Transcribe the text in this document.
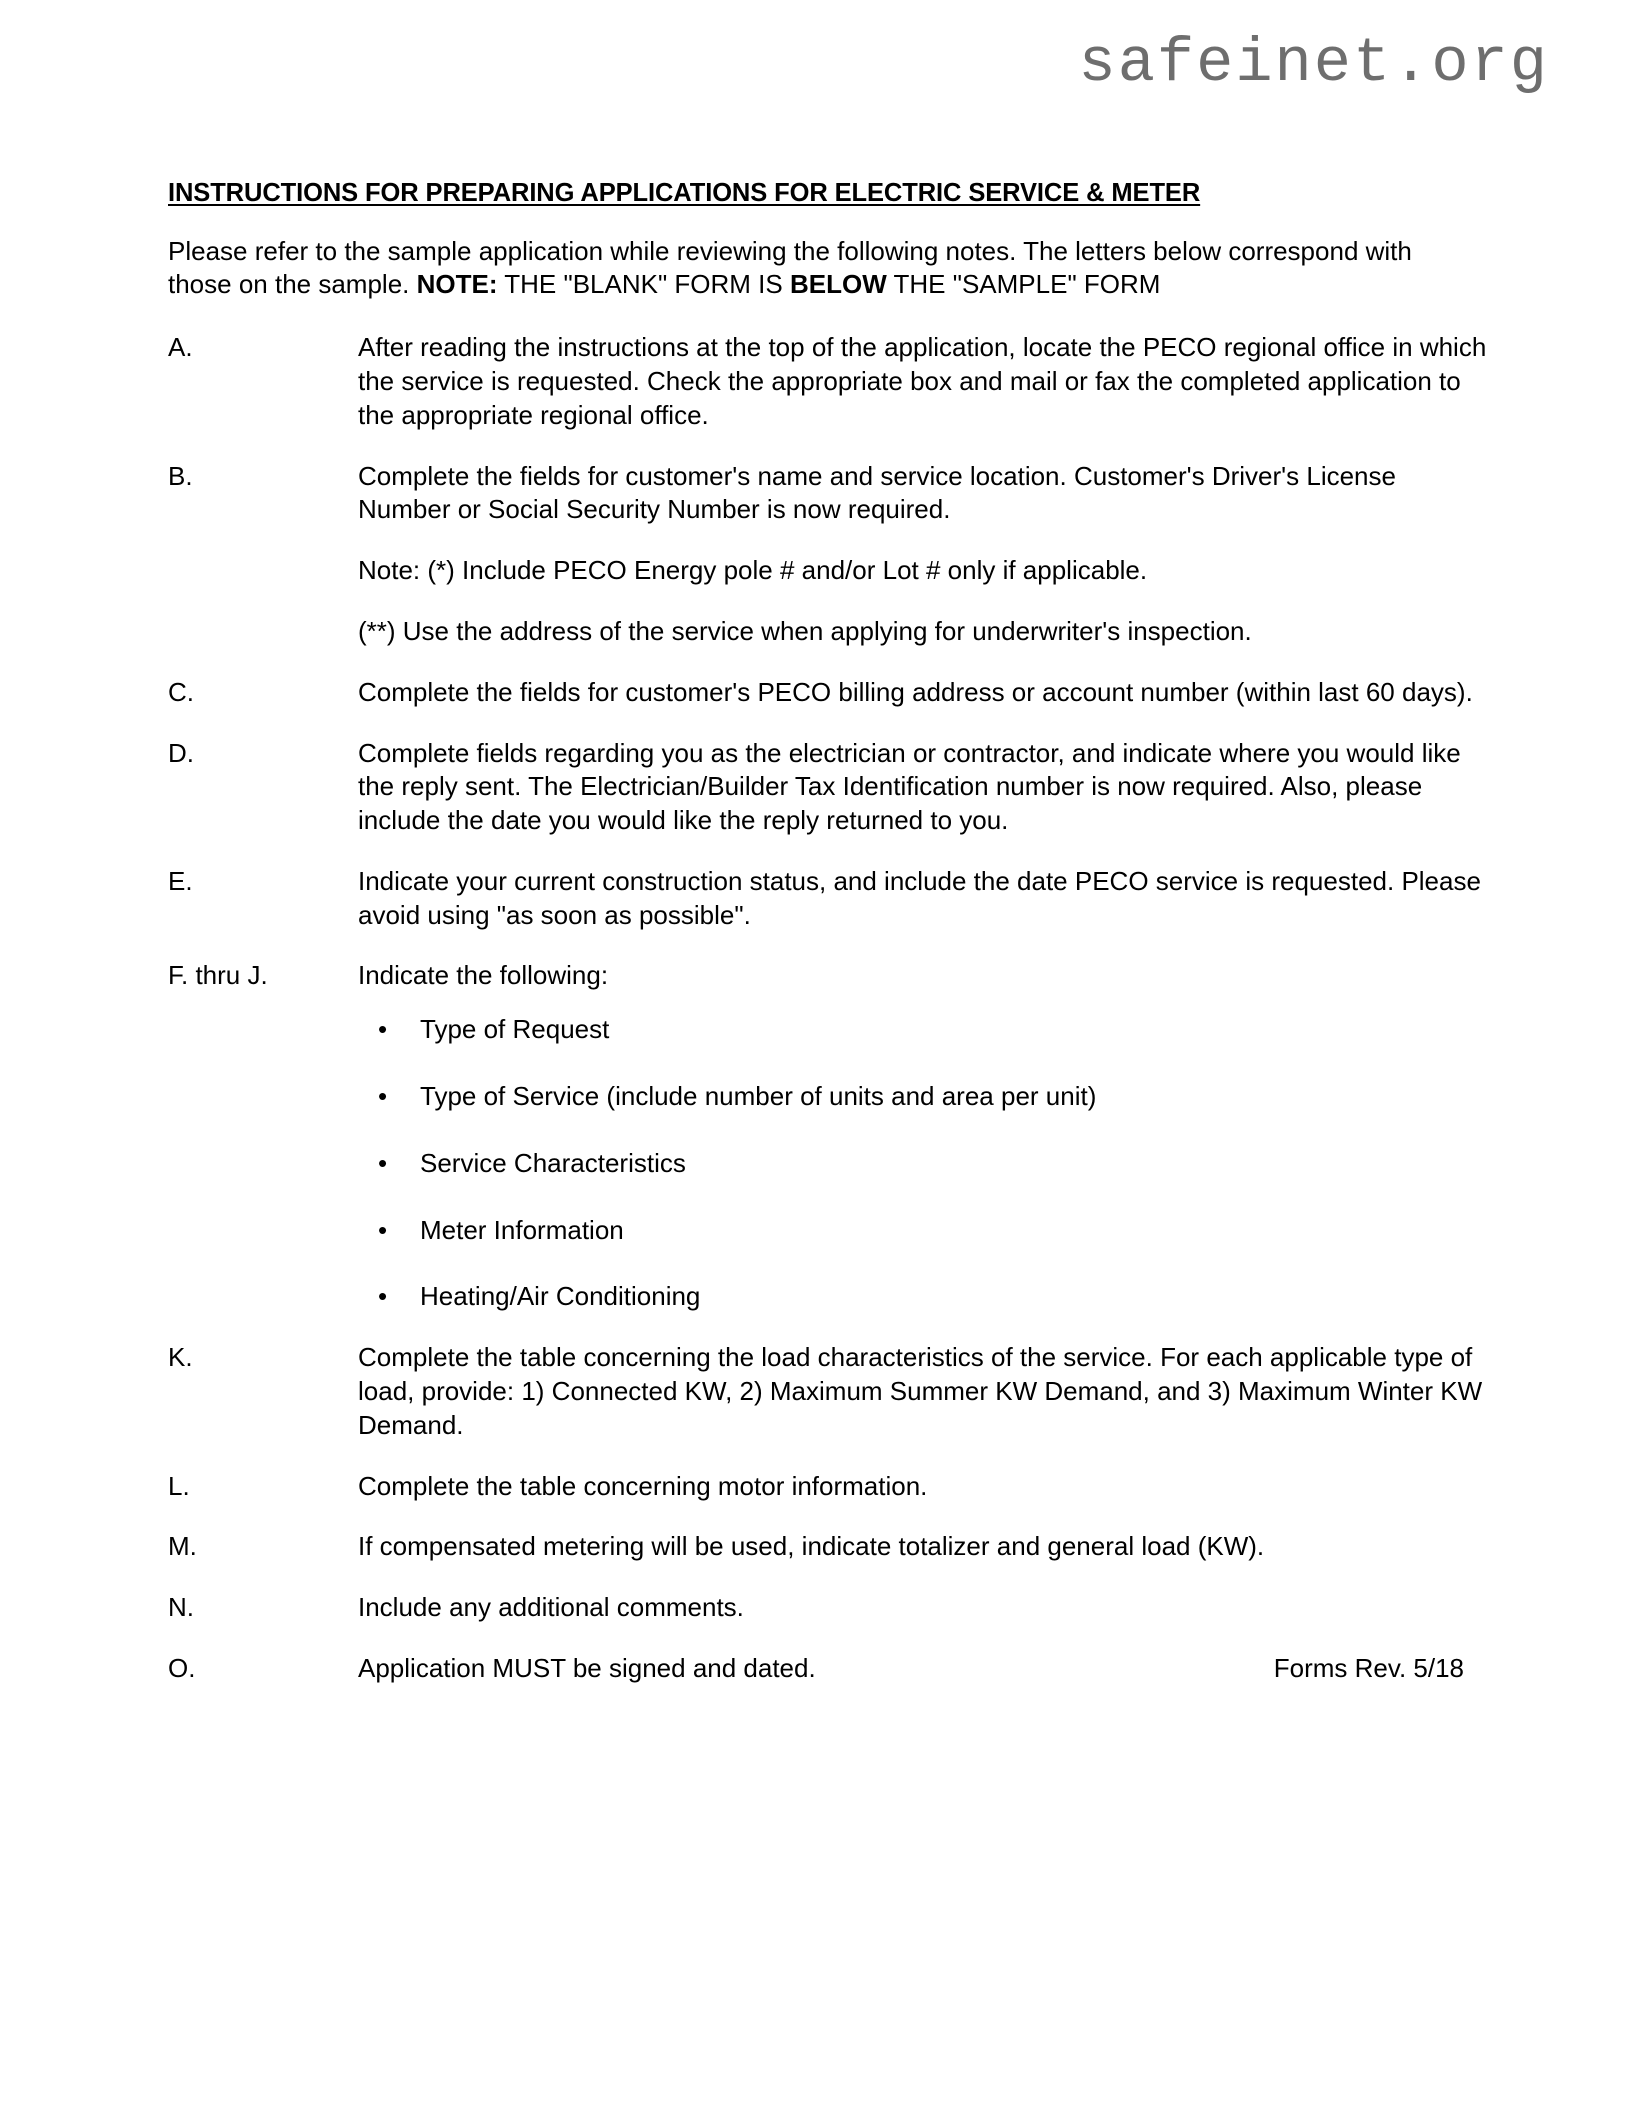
safeinet.org
INSTRUCTIONS FOR PREPARING APPLICATIONS FOR ELECTRIC SERVICE & METER

Please refer to the sample application while reviewing the following notes. The letters below correspond with those on the sample. NOTE: THE "BLANK" FORM IS BELOW THE "SAMPLE" FORM

A.	After reading the instructions at the top of the application, locate the PECO regional office in which the service is requested. Check the appropriate box and mail or fax the completed application to the appropriate regional office.
B.	Complete the fields for customer's name and service location. Customer's Driver's License Number or Social Security Number is now required.
Note: (*) Include PECO Energy pole # and/or Lot # only if applicable.
(**) Use the address of the service when applying for underwriter's inspection.
C.	Complete the fields for customer's PECO billing address or account number (within last 60 days).
D.	Complete fields regarding you as the electrician or contractor, and indicate where you would like the reply sent. The Electrician/Builder Tax Identification number is now required. Also, please include the date you would like the reply returned to you.
E.	Indicate your current construction status, and include the date PECO service is requested. Please avoid using "as soon as possible".
F. thru J.	Indicate the following:
• Type of Request
• Type of Service (include number of units and area per unit)
• Service Characteristics
• Meter Information
• Heating/Air Conditioning
K.	Complete the table concerning the load characteristics of the service. For each applicable type of load, provide: 1) Connected KW, 2) Maximum Summer KW Demand, and 3) Maximum Winter KW Demand.
L.	Complete the table concerning motor information.
M.	If compensated metering will be used, indicate totalizer and general load (KW).
N.	Include any additional comments.
O.	Application MUST be signed and dated.	Forms Rev. 5/18
